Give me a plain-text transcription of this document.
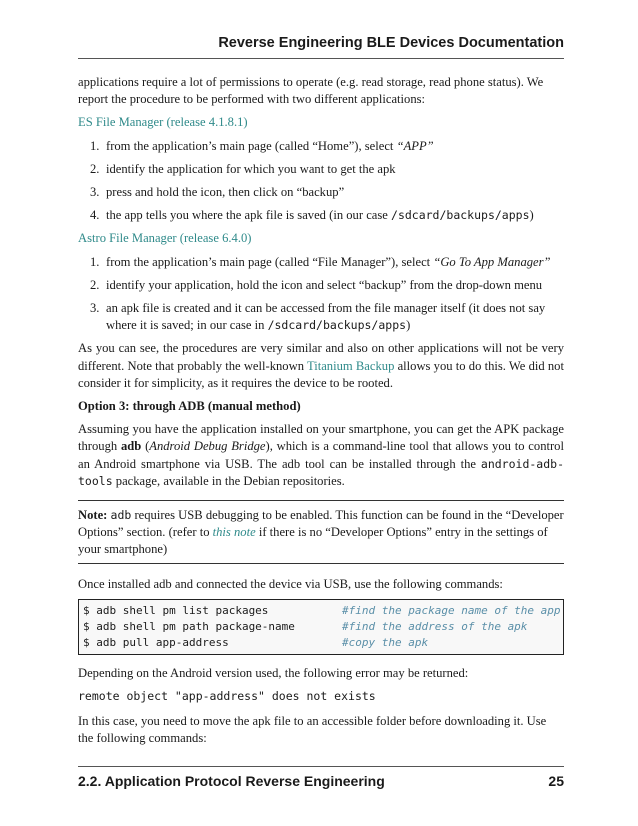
Reverse Engineering BLE Devices Documentation

applications require a lot of permissions to operate (e.g. read storage, read phone status). We report the procedure to be performed with two different applications:

ES File Manager (release 4.1.8.1)

1. from the application’s main page (called “Home”), select “APP”
2. identify the application for which you want to get the apk
3. press and hold the icon, then click on “backup”
4. the app tells you where the apk file is saved (in our case /sdcard/backups/apps)

Astro File Manager (release 6.4.0)

1. from the application’s main page (called “File Manager”), select “Go To App Manager”
2. identify your application, hold the icon and select “backup” from the drop-down menu
3. an apk file is created and it can be accessed from the file manager itself (it does not say where it is saved; in our case in /sdcard/backups/apps)

As you can see, the procedures are very similar and also on other applications will not be very different. Note that probably the well-known Titanium Backup allows you to do this. We did not consider it for simplicity, as it requires the device to be rooted.

Option 3: through ADB (manual method)

Assuming you have the application installed on your smartphone, you can get the APK package through adb (Android Debug Bridge), which is a command-line tool that allows you to control an Android smartphone via USB. The adb tool can be installed through the android-adb-tools package, available in the Debian repositories.

Note: adb requires USB debugging to be enabled. This function can be found in the “Developer Options” section. (refer to this note if there is no “Developer Options” entry in the settings of your smartphone)

Once installed adb and connected the device via USB, use the following commands:

$ adb shell pm list packages	#find the package name of the app
$ adb shell pm path package-name	#find the address of the apk
$ adb pull app-address	#copy the apk

Depending on the Android version used, the following error may be returned:

remote object "app-address" does not exists

In this case, you need to move the apk file to an accessible folder before downloading it. Use the following commands:

2.2. Application Protocol Reverse Engineering	25
